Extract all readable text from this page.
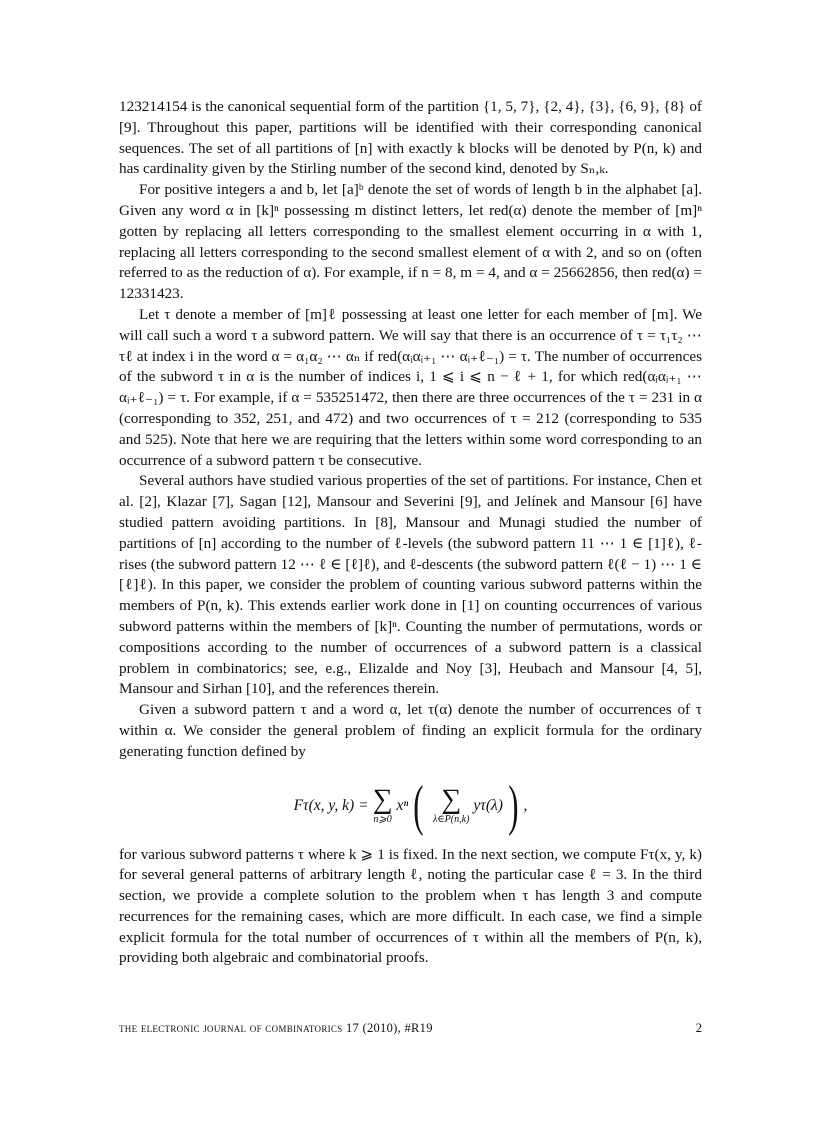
123214154 is the canonical sequential form of the partition {1, 5, 7}, {2, 4}, {3}, {6, 9}, {8} of [9]. Throughout this paper, partitions will be identified with their corresponding canonical sequences. The set of all partitions of [n] with exactly k blocks will be denoted by P(n, k) and has cardinality given by the Stirling number of the second kind, denoted by Sₙ,ₖ.

For positive integers a and b, let [a]ᵇ denote the set of words of length b in the alphabet [a]. Given any word α in [k]ⁿ possessing m distinct letters, let red(α) denote the member of [m]ⁿ gotten by replacing all letters corresponding to the smallest element occurring in α with 1, replacing all letters corresponding to the second smallest element of α with 2, and so on (often referred to as the reduction of α). For example, if n = 8, m = 4, and α = 25662856, then red(α) = 12331423.

Let τ denote a member of [m]ℓ possessing at least one letter for each member of [m]. We will call such a word τ a subword pattern. We will say that there is an occurrence of τ = τ₁τ₂ ⋯ τℓ at index i in the word α = α₁α₂ ⋯ αₙ if red(αᵢαᵢ₊₁ ⋯ αᵢ₊ℓ₋₁) = τ. The number of occurrences of the subword τ in α is the number of indices i, 1 ⩽ i ⩽ n − ℓ + 1, for which red(αᵢαᵢ₊₁ ⋯ αᵢ₊ℓ₋₁) = τ. For example, if α = 535251472, then there are three occurrences of the τ = 231 in α (corresponding to 352, 251, and 472) and two occurrences of τ = 212 (corresponding to 535 and 525). Note that here we are requiring that the letters within some word corresponding to an occurrence of a subword pattern τ be consecutive.

Several authors have studied various properties of the set of partitions. For instance, Chen et al. [2], Klazar [7], Sagan [12], Mansour and Severini [9], and Jelínek and Mansour [6] have studied pattern avoiding partitions. In [8], Mansour and Munagi studied the number of partitions of [n] according to the number of ℓ-levels (the subword pattern 11 ⋯ 1 ∈ [1]ℓ), ℓ-rises (the subword pattern 12 ⋯ ℓ ∈ [ℓ]ℓ), and ℓ-descents (the subword pattern ℓ(ℓ − 1) ⋯ 1 ∈ [ℓ]ℓ). In this paper, we consider the problem of counting various subword patterns within the members of P(n, k). This extends earlier work done in [1] on counting occurrences of various subword patterns within the members of [k]ⁿ. Counting the number of permutations, words or compositions according to the number of occurrences of a subword pattern is a classical problem in combinatorics; see, e.g., Elizalde and Noy [3], Heubach and Mansour [4, 5], Mansour and Sirhan [10], and the references therein.

Given a subword pattern τ and a word α, let τ(α) denote the number of occurrences of τ within α. We consider the general problem of finding an explicit formula for the ordinary generating function defined by

Fτ(x, y, k) = ∑
n⩾0
xⁿ ( ∑
λ∈P(n,k)
yτ(λ) ) ,

for various subword patterns τ where k ⩾ 1 is fixed. In the next section, we compute Fτ(x, y, k) for several general patterns of arbitrary length ℓ, noting the particular case ℓ = 3. In the third section, we provide a complete solution to the problem when τ has length 3 and compute recurrences for the remaining cases, which are more difficult. In each case, we find a simple explicit formula for the total number of occurrences of τ within all the members of P(n, k), providing both algebraic and combinatorial proofs.

the electronic journal of combinatorics 17 (2010), #R19	2
